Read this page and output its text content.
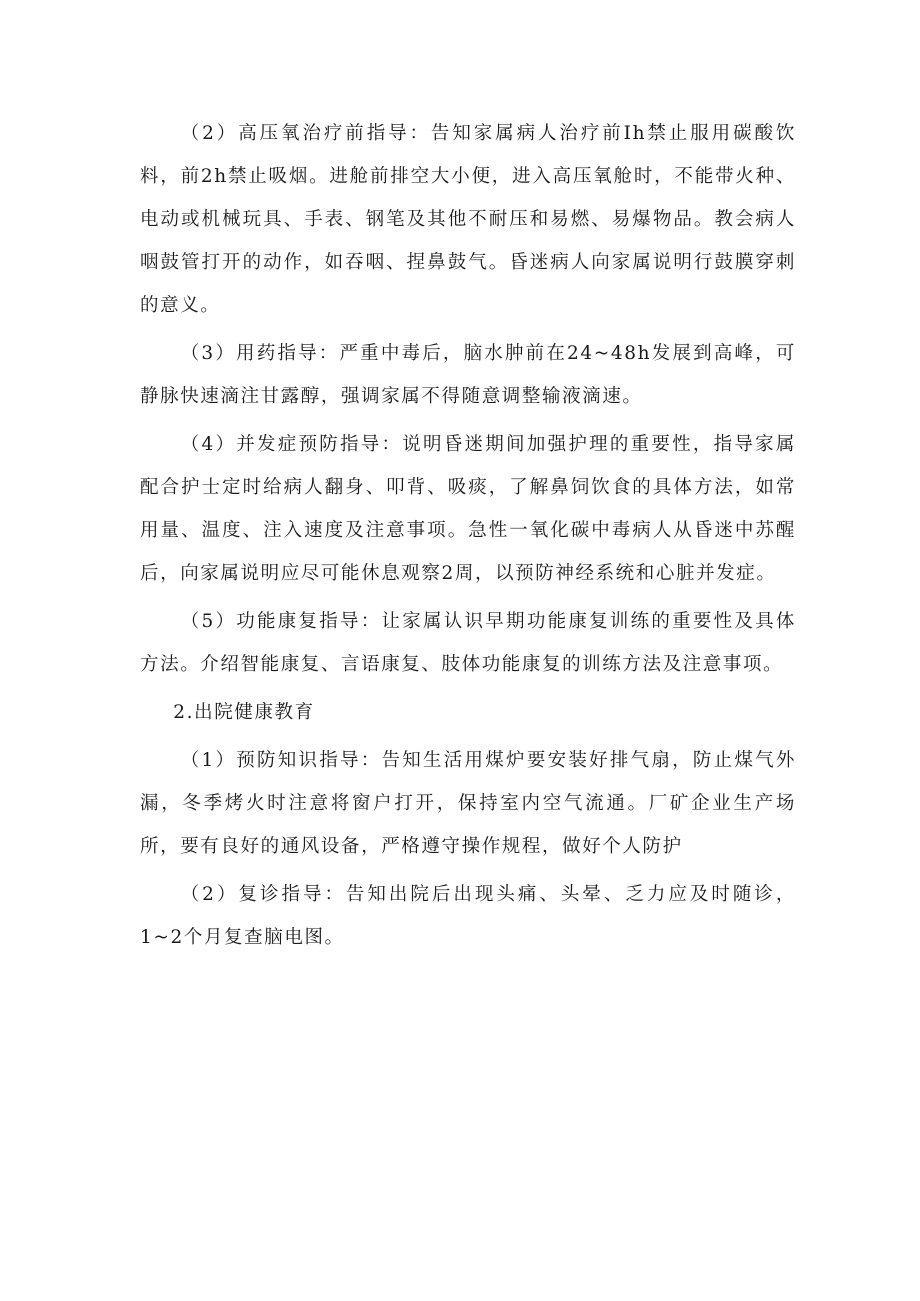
（2）高压氧治疗前指导：告知家属病人治疗前Ih禁止服用碳酸饮料，前2h禁止吸烟。进舱前排空大小便，进入高压氧舱时，不能带火种、电动或机械玩具、手表、钢笔及其他不耐压和易燃、易爆物品。教会病人咽鼓管打开的动作，如吞咽、捏鼻鼓气。昏迷病人向家属说明行鼓膜穿刺的意义。

（3）用药指导：严重中毒后，脑水肿前在24~48h发展到高峰，可静脉快速滴注甘露醇，强调家属不得随意调整输液滴速。

（4）并发症预防指导：说明昏迷期间加强护理的重要性，指导家属配合护士定时给病人翻身、叩背、吸痰，了解鼻饲饮食的具体方法，如常用量、温度、注入速度及注意事项。急性一氧化碳中毒病人从昏迷中苏醒后，向家属说明应尽可能休息观察2周，以预防神经系统和心脏并发症。

（5）功能康复指导：让家属认识早期功能康复训练的重要性及具体方法。介绍智能康复、言语康复、肢体功能康复的训练方法及注意事项。

2.出院健康教育

（1）预防知识指导：告知生活用煤炉要安装好排气扇，防止煤气外漏，冬季烤火时注意将窗户打开，保持室内空气流通。厂矿企业生产场所，要有良好的通风设备，严格遵守操作规程，做好个人防护

（2）复诊指导：告知出院后出现头痛、头晕、乏力应及时随诊，1~2个月复查脑电图。
